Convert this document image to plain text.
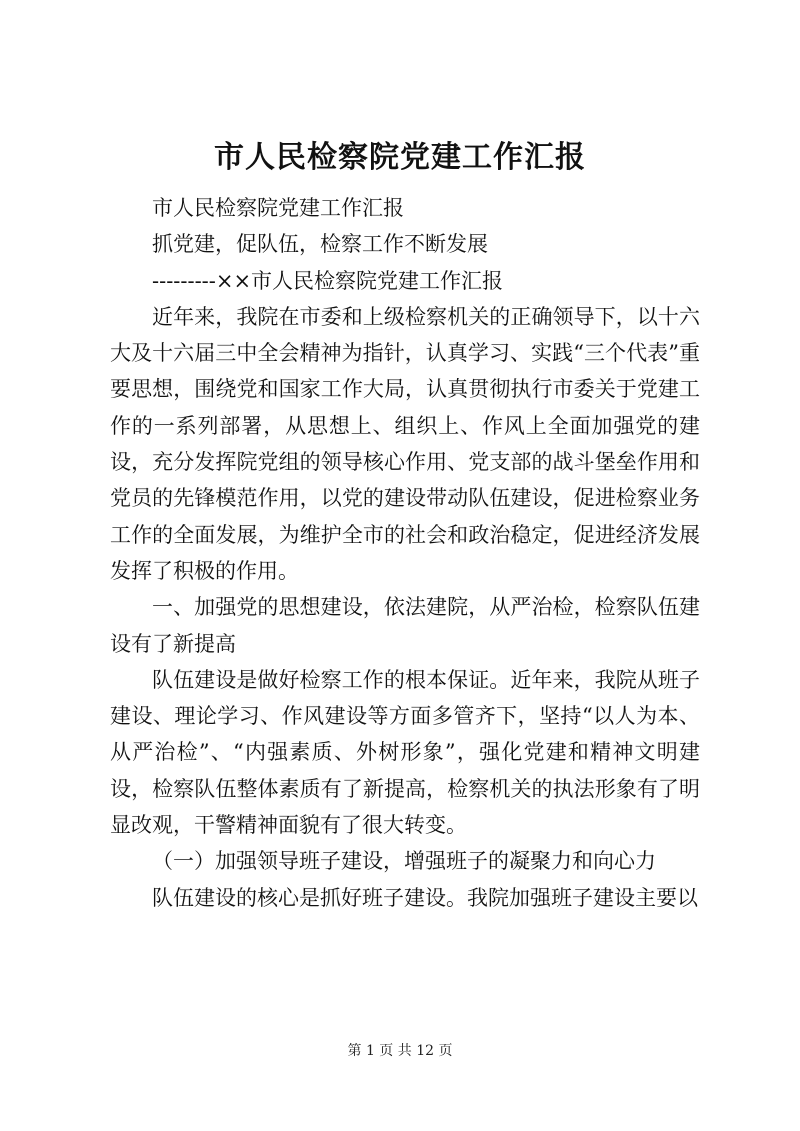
市人民检察院党建工作汇报

市人民检察院党建工作汇报

抓党建，促队伍，检察工作不断发展

---------××市人民检察院党建工作汇报

近年来，我院在市委和上级检察机关的正确领导下，以十六大及十六届三中全会精神为指针，认真学习、实践“三个代表”重要思想，围绕党和国家工作大局，认真贯彻执行市委关于党建工作的一系列部署，从思想上、组织上、作风上全面加强党的建设，充分发挥院党组的领导核心作用、党支部的战斗堡垒作用和党员的先锋模范作用，以党的建设带动队伍建设，促进检察业务工作的全面发展，为维护全市的社会和政治稳定，促进经济发展发挥了积极的作用。

一、加强党的思想建设，依法建院，从严治检，检察队伍建设有了新提高

队伍建设是做好检察工作的根本保证。近年来，我院从班子建设、理论学习、作风建设等方面多管齐下，坚持“以人为本、从严治检”、“内强素质、外树形象”，强化党建和精神文明建设，检察队伍整体素质有了新提高，检察机关的执法形象有了明显改观，干警精神面貌有了很大转变。

（一）加强领导班子建设，增强班子的凝聚力和向心力

队伍建设的核心是抓好班子建设。我院加强班子建设主要以

第 1 页 共 12 页
